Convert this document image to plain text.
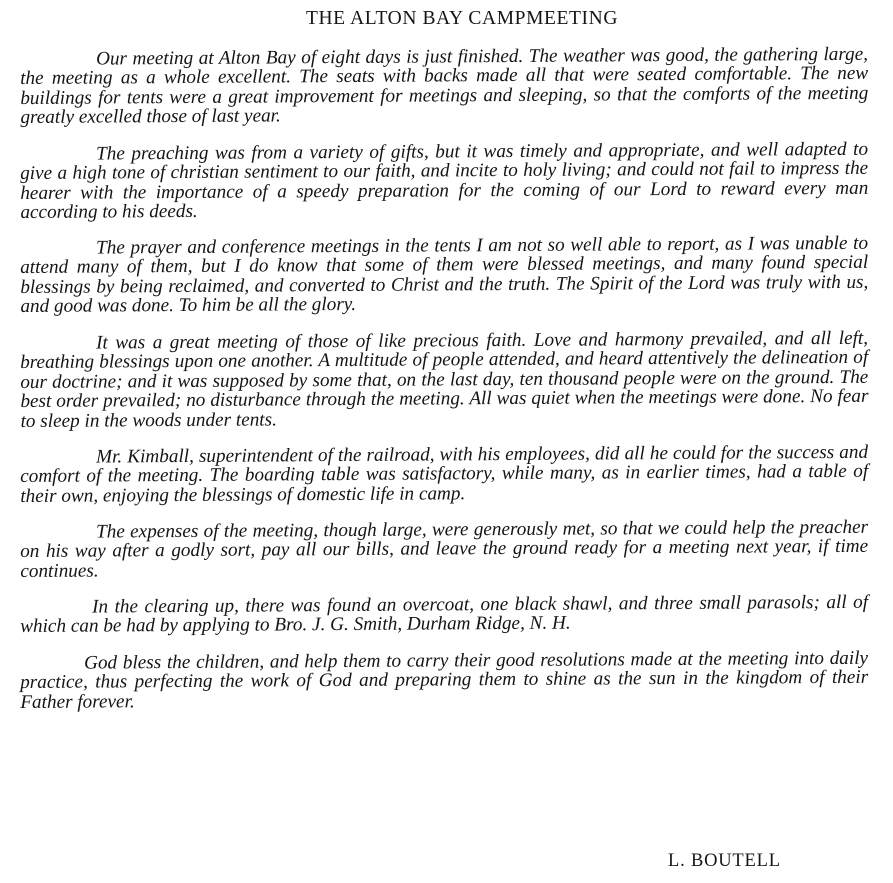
THE ALTON BAY CAMPMEETING

Our meeting at Alton Bay of eight days is just finished. The weather was good, the gathering large, the meeting as a whole excellent. The seats with backs made all that were seated comfortable. The new buildings for tents were a great improvement for meetings and sleeping, so that the comforts of the meeting greatly excelled those of last year.

The preaching was from a variety of gifts, but it was timely and appropriate, and well adapted to give a high tone of christian sentiment to our faith, and incite to holy living; and could not fail to impress the hearer with the importance of a speedy preparation for the coming of our Lord to reward every man according to his deeds.

The prayer and conference meetings in the tents I am not so well able to report, as I was unable to attend many of them, but I do know that some of them were blessed meetings, and many found special blessings by being reclaimed, and converted to Christ and the truth. The Spirit of the Lord was truly with us, and good was done. To him be all the glory.

It was a great meeting of those of like precious faith. Love and harmony prevailed, and all left, breathing blessings upon one another. A multitude of people attended, and heard attentively the delineation of our doctrine; and it was supposed by some that, on the last day, ten thousand people were on the ground. The best order prevailed; no disturbance through the meeting. All was quiet when the meetings were done. No fear to sleep in the woods under tents.

Mr. Kimball, superintendent of the railroad, with his employees, did all he could for the success and comfort of the meeting. The boarding table was satisfactory, while many, as in earlier times, had a table of their own, enjoying the blessings of domestic life in camp.

The expenses of the meeting, though large, were generously met, so that we could help the preacher on his way after a godly sort, pay all our bills, and leave the ground ready for a meeting next year, if time continues.

In the clearing up, there was found an overcoat, one black shawl, and three small parasols; all of which can be had by applying to Bro. J. G. Smith, Durham Ridge, N. H.

God bless the children, and help them to carry their good resolutions made at the meeting into daily practice, thus perfecting the work of God and preparing them to shine as the sun in the kingdom of their Father forever.

L. BOUTELL
